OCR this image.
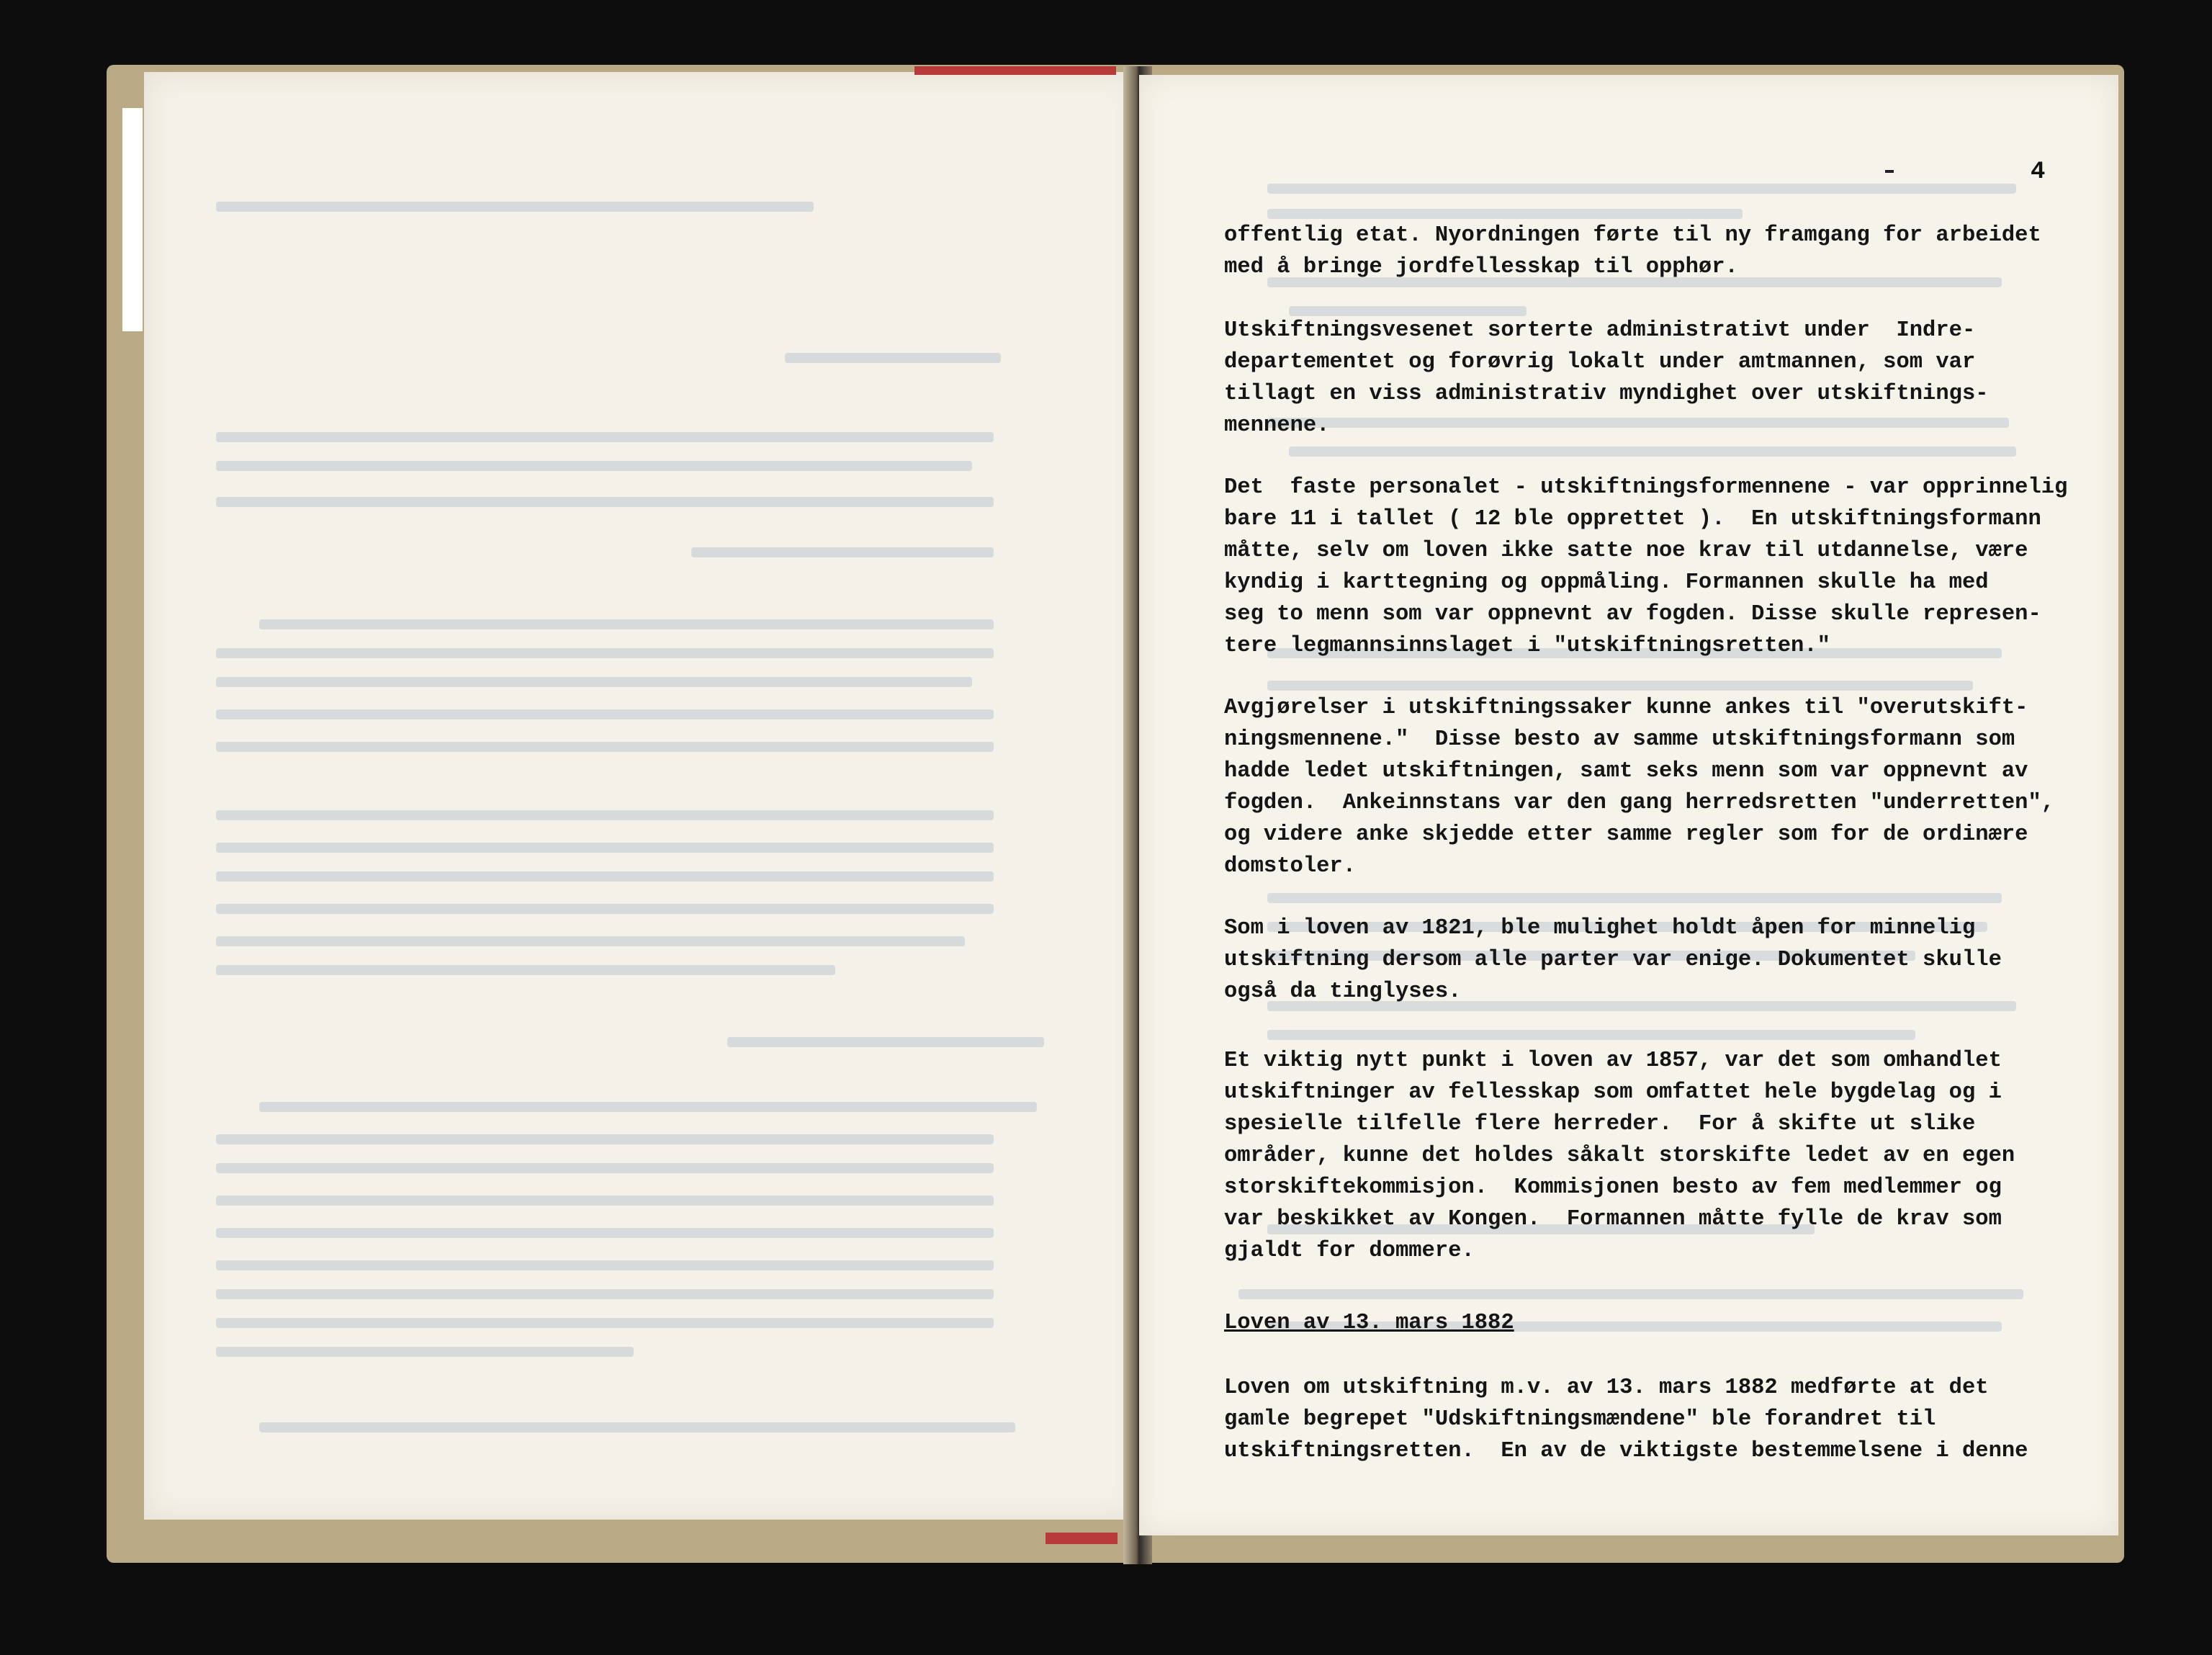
4
offentlig etat. Nyordningen førte til ny framgang for arbeidet
med å bringe jordfellesskap til opphør.
Utskiftningsvesenet sorterte administrativt under  Indre-
departementet og forøvrig lokalt under amtmannen, som var
tillagt en viss administrativ myndighet over utskiftnings-
mennene.
Det  faste personalet - utskiftningsformennene - var opprinnelig
bare 11 i tallet ( 12 ble opprettet ).  En utskiftningsformann
måtte, selv om loven ikke satte noe krav til utdannelse, være
kyndig i karttegning og oppmåling. Formannen skulle ha med
seg to menn som var oppnevnt av fogden. Disse skulle represen-
tere legmannsinnslaget i "utskiftningsretten."
Avgjørelser i utskiftningssaker kunne ankes til "overutskift-
ningsmennene."  Disse besto av samme utskiftningsformann som
hadde ledet utskiftningen, samt seks menn som var oppnevnt av
fogden.  Ankeinnstans var den gang herredsretten "underretten",
og videre anke skjedde etter samme regler som for de ordinære
domstoler.
Som i loven av 1821, ble mulighet holdt åpen for minnelig
utskiftning dersom alle parter var enige. Dokumentet skulle
også da tinglyses.
Et viktig nytt punkt i loven av 1857, var det som omhandlet
utskiftninger av fellesskap som omfattet hele bygdelag og i
spesielle tilfelle flere herreder.  For å skifte ut slike
områder, kunne det holdes såkalt storskifte ledet av en egen
storskiftekommisjon.  Kommisjonen besto av fem medlemmer og
var beskikket av Kongen.  Formannen måtte fylle de krav som
gjaldt for dommere.
Loven av 13. mars 1882
Loven om utskiftning m.v. av 13. mars 1882 medførte at det
gamle begrepet "Udskiftningsmændene" ble forandret til
utskiftningsretten.  En av de viktigste bestemmelsene i denne
